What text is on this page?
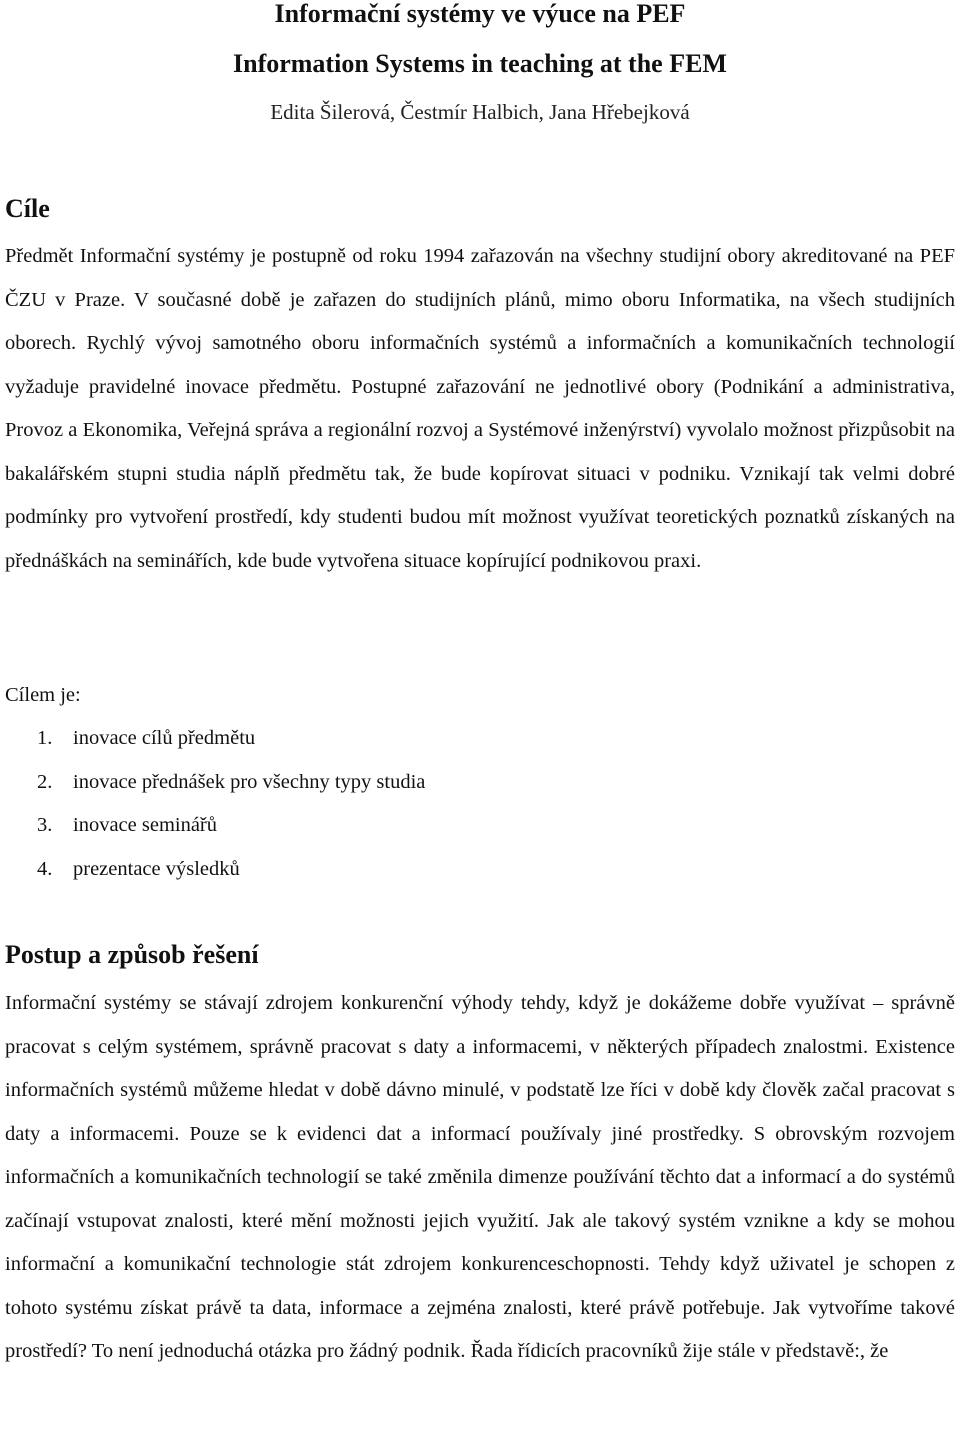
Informační systémy ve výuce na PEF
Information Systems in teaching at the FEM
Edita Šilerová, Čestmír Halbich, Jana Hřebejková
Cíle
Předmět Informační systémy je postupně od roku 1994 zařazován na všechny studijní obory akreditované na PEF ČZU v Praze. V současné době je zařazen do studijních plánů, mimo oboru Informatika, na všech studijních oborech. Rychlý vývoj samotného oboru informačních systémů a informačních a komunikačních technologií vyžaduje pravidelné inovace předmětu. Postupné zařazování ne jednotlivé obory (Podnikání a administrativa, Provoz a Ekonomika, Veřejná správa a regionální rozvoj a Systémové inženýrství) vyvolalo možnost přizpůsobit na bakalářském stupni studia náplň předmětu tak, že bude kopírovat situaci v podniku. Vznikají tak velmi dobré podmínky pro vytvoření prostředí, kdy studenti budou mít možnost využívat teoretických poznatků získaných na přednáškách na seminářích, kde bude vytvořena situace kopírující podnikovou praxi.
Cílem je:
1. inovace cílů předmětu
2. inovace přednášek pro všechny typy studia
3. inovace seminářů
4. prezentace výsledků
Postup a způsob řešení
Informační systémy se stávají zdrojem konkurenční výhody tehdy, když je dokážeme dobře využívat – správně pracovat s celým systémem, správně pracovat s daty a informacemi, v některých případech znalostmi. Existence informačních systémů můžeme hledat v době dávno minulé, v podstatě lze říci v době kdy člověk začal pracovat s daty a informacemi. Pouze se k evidenci dat a informací používaly jiné prostředky. S obrovským rozvojem informačních a komunikačních technologií se také změnila dimenze používání těchto dat a informací a do systémů začínají vstupovat znalosti, které mění možnosti jejich využití. Jak ale takový systém vznikne a kdy se mohou informační a komunikační technologie stát zdrojem konkurenceschopnosti. Tehdy když uživatel je schopen z tohoto systému získat právě ta data, informace a zejména znalosti, které právě potřebuje. Jak vytvoříme takové prostředí? To není jednoduchá otázka pro žádný podnik. Řada řídicích pracovníků žije stále v představě:, že
